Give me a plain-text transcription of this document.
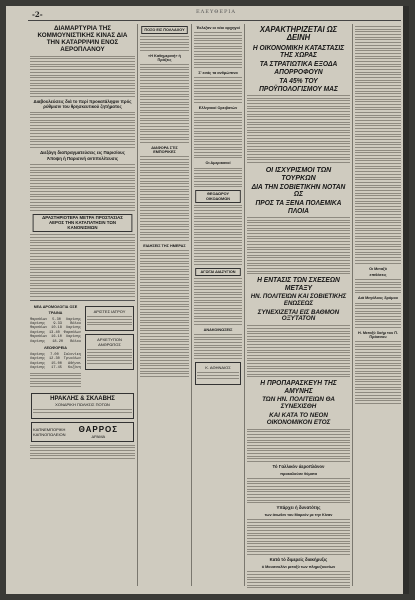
-2-	ΕΛΕΥΘΕΡΙΑ
ΔΙΑΜΑΡΤΥΡΙΑ ΤΗΣ ΚΟΜΜΟΥΝΙΣΤΙΚΗΣ ΚΙΝΑΣ ΔΙΑ ΤΗΝ ΚΑΤΑΡΡΙΨΙΝ ΕΝΟΣ ΑΕΡΟΠΛΑΝΟΥ
Διαβουλεύσεις διά το περί προκατάληψιν πρός ρύθμισιν του θρησκευτικού ζητήματος
Διεξάγη διαπραγματεύσεις εις Παρισίους
Άποψη ή Παρισινή αντιπολίτευσις
ΔΡΑΣΤΗΡΙΟΤΕΡΑ ΜΕΤΡΑ ΠΡΟΣΤΑΣΙΑΣ ΑΕΡΟΣ ΤΗΝ ΚΑΤΑΠΑΤΗΣΙΝ ΤΩΝ ΚΑΝΟΝΙΣΜΩΝ
ΝΕΑ ΔΡΟΜΟΛΟΓΙΑ ΟΣΕ
ΤΡΑΙΝΑ
Φαρσάλων 5.30 Λαρίσης
Λαρίσης 9.33 Βόλου
Φαρσάλων 10.18 Λαρίσης
Λαρίσης 13.40 Φαρσάλων
Φαρσάλων 16.10 Λαρίσης
Λαρίσης 18.20 Βόλου
ΛΕΩΦΟΡΕΙΑ
Λαρίσης 7.00 Σαλονίκη
Λαρίσης 12.30 Τρικάλων
Λαρίσης 15.00 Αθήναι
Λαρίσης 17.45 Κοζάνη
ΑΡΙΣΤΕΣ ΙΑΤΡΟΥ
ΑΡΧΕΤΥΠΟΝ ΑΝΘΡΩΠΟΣ
ΗΡΑΚΛΗΣ & ΣΚΛΑΒΗΣ
ΧΟΝΔΡΙΚΗ ΠΩΛΗΣΙΣ ΠΟΤΩΝ
ΚΑΠΝΕΜΠΟΡΙΚΗ ΚΑΠΝΟΠΩΛΕΙΟΝ
ΘΑΡΡΟΣ
ΔΡΑΜΑ
ΠΟΣΟ ΕΙΣ ΠΟΛΛΑΧΟΥ
«Η Καθημερινή» ή Πράξεις
ΔΙΑΦΟΡΑ ΣΤΙΣ ΕΜΠΟΡΙΚΕΣ
ΕΙΔΗΣΕΙΣ ΤΗΣ ΗΜΕΡΑΣ
Έκλεξαν οι νέοι αρχηγοί
Σ' εσάς τα ανθρώπινα
Ελληνικοί Ορειβατών
Οι Αμερικανοί
ΘΕΟΔΩΡΟΥ ΟΙΚΟΔΟΜΩΝ
ΑΓΩΓΑΙ ΔΙΑΖΥΓΙΟΝ
ΑΝΑΚΟΙΝΩΣΕΙΣ
Κ. ΑΘΗΝΑΙΟΣ
ΧΑΡΑΚΤΗΡΙΖΕΤΑΙ ΩΣ ΔΕΙΝΗ
Η ΟΙΚΟΝΟΜΙΚΗ ΚΑΤΑΣΤΑΣΙΣ ΤΗΣ ΧΩΡΑΣ
ΤΑ ΣΤΡΑΤΙΩΤΙΚΑ ΕΞΟΔΑ ΑΠΟΡΡΟΦΟΥΝ
ΤΑ 45% ΤΟΥ ΠΡΟΫΠΟΛΟΓΙΣΜΟΥ ΜΑΣ
ΟΙ ΙΣΧΥΡΙΣΜΟΙ ΤΩΝ ΤΟΥΡΚΩΝ
ΔΙΑ ΤΗΝ ΣΟΒΙΕΤΙΚΗΝ ΝΟΤΑΝ ΩΣ
ΠΡΟΣ ΤΑ ΞΕΝΑ ΠΟΛΕΜΙΚΑ ΠΛΟΙΑ
Η ΕΝΤΑΣΙΣ ΤΩΝ ΣΧΕΣΕΩΝ ΜΕΤΑΞΥ
ΗΝ. ΠΟΛΙΤΕΙΩΝ ΚΑΙ ΣΟΒΙΕΤΙΚΗΣ ΕΝΩΣΕΩΣ
ΣΥΝΕΧΙΖΕΤΑΙ ΕΙΣ ΒΑΘΜΟΝ ΟΞΥΤΑΤΟΝ
Η ΠΡΟΠΑΡΑΣΚΕΥΗ ΤΗΣ ΑΜΥΝΗΣ
ΤΩΝ ΗΝ. ΠΟΛΙΤΕΙΩΝ ΘΑ ΣΥΝΕΧΙΣΘΗ
ΚΑΙ ΚΑΤΑ ΤΟ ΝΕΟΝ ΟΙΚΟΝΟΜΙΚΟΝ ΕΤΟΣ
Τό Γαλλικόν άεροπλάνον
προκαλούσε θύματα
Υπάρχει ή δυνατότης
των άνωθεν του Μαρεόν με την Κίναν
Κατά τό διμερείς διακήρυξις
ό Μουσσολίνι μεταξύ των πληρεξουσίων
Οι Μεταξύ
επιθέσεις
Διά Μεγάλους δρόμου
Η. Μεταξύ δοήμ του Π. Πράσσου
